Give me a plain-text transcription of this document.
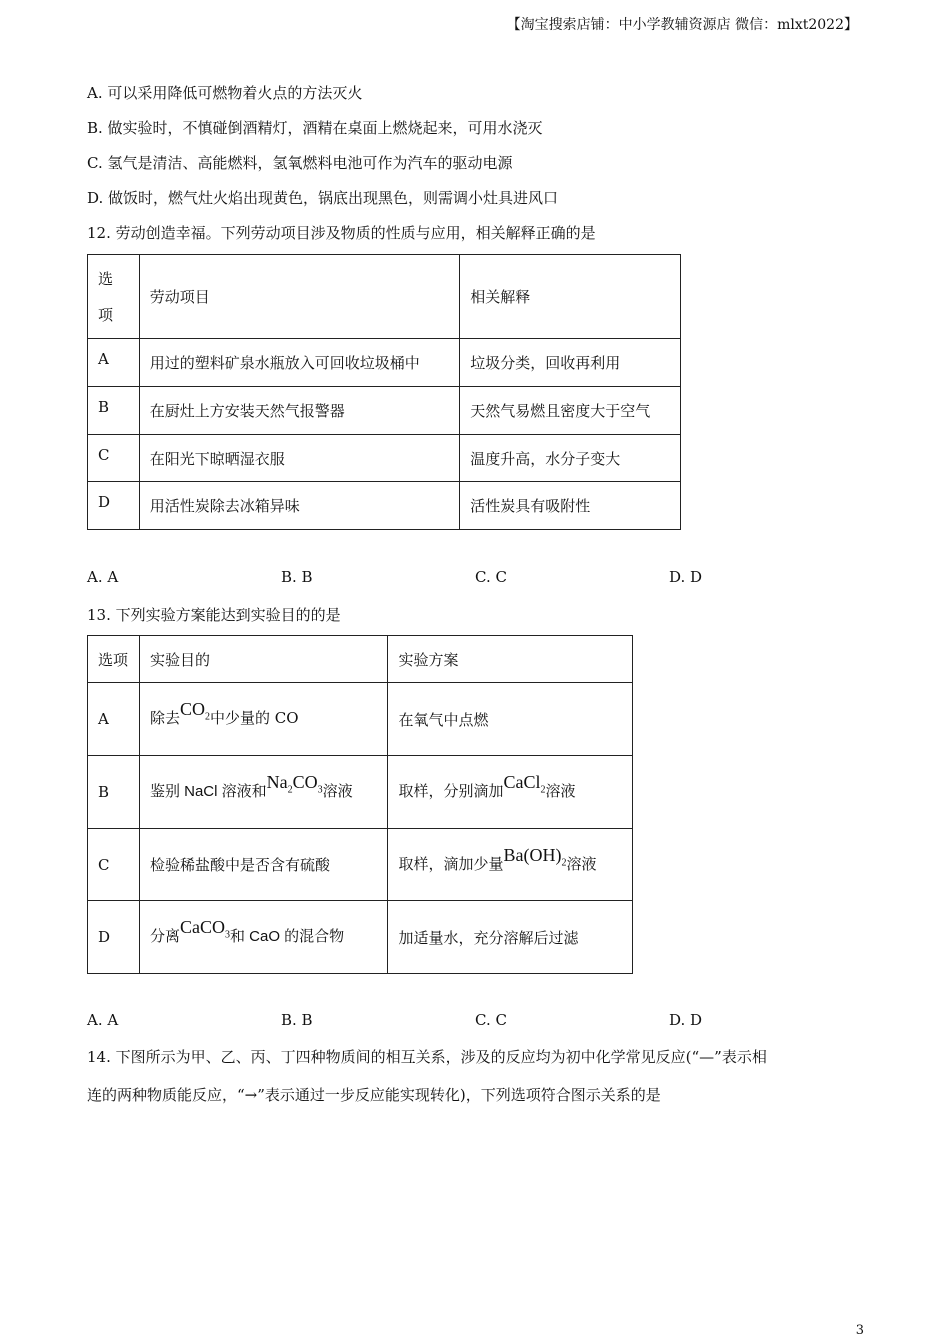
【淘宝搜索店铺：中小学教辅资源店 微信：mlxt2022】
A. 可以采用降低可燃物着火点的方法灭火
B. 做实验时，不慎碰倒酒精灯，酒精在桌面上燃烧起来，可用水浇灭
C. 氢气是清洁、高能燃料，氢氧燃料电池可作为汽车的驱动电源
D. 做饭时，燃气灶火焰出现黄色，锅底出现黑色，则需调小灶具进风口
12. 劳动创造幸福。下列劳动项目涉及物质的性质与应用，相关解释正确的是
选
项	劳动项目	相关解释
A	用过的塑料矿泉水瓶放入可回收垃圾桶中	垃圾分类，回收再利用
B	在厨灶上方安装天然气报警器	天然气易燃且密度大于空气
C	在阳光下晾晒湿衣服	温度升高，水分子变大
D	用活性炭除去冰箱异味	活性炭具有吸附性
A. A	B. B	C. C	D. D
13. 下列实验方案能达到实验目的的是
选项	实验目的	实验方案
A	除去$CO_2$中少量的 CO	在氧气中点燃
B	鉴别 NaCl 溶液和$Na_2CO_3$溶液	取样，分别滴加CaCl$_2$溶液
C	检验稀盐酸中是否含有硫酸	取样，滴加少量$Ba(OH)_2$溶液
D	分离CaCO$_3$和 CaO 的混合物	加适量水，充分溶解后过滤
A. A	B. B	C. C	D. D
14. 下图所示为甲、乙、丙、丁四种物质间的相互关系，涉及的反应均为初中化学常见反应(“—”表示相
连的两种物质能反应，“→”表示通过一步反应能实现转化)，下列选项符合图示关系的是
3
